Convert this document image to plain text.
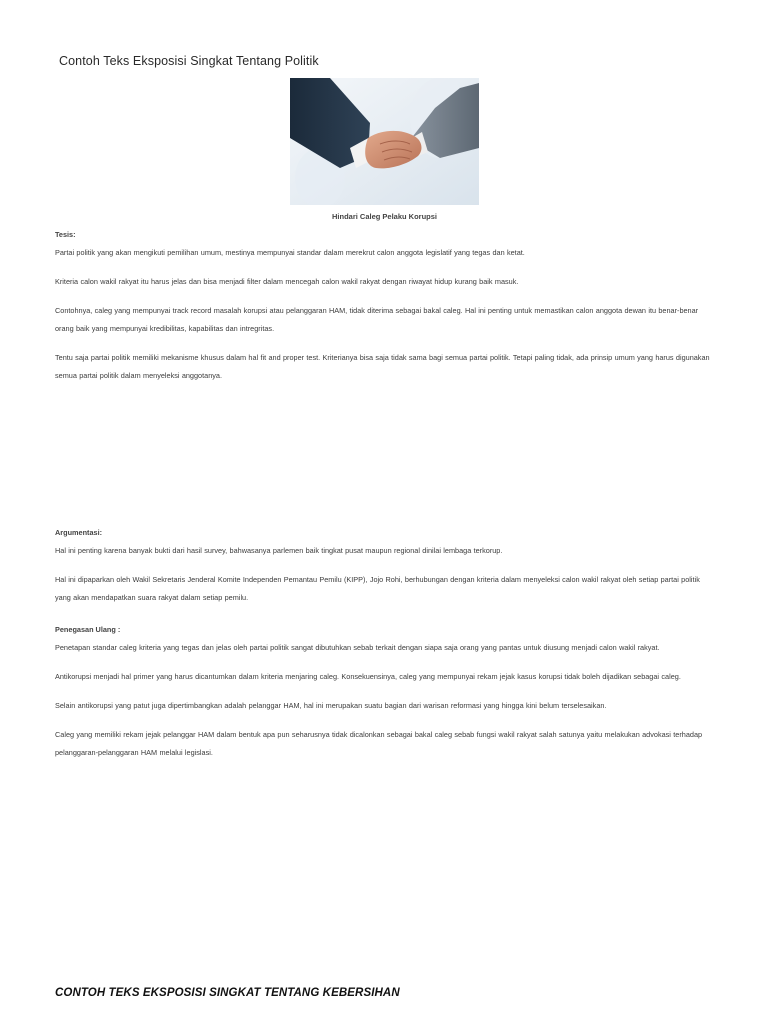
Contoh Teks Eksposisi Singkat Tentang Politik
Hindari Caleg Pelaku Korupsi

Tesis:

Partai politik yang akan mengikuti pemilihan umum, mestinya mempunyai standar dalam merekrut calon anggota legislatif yang tegas dan ketat.

Kriteria calon wakil rakyat itu harus jelas dan bisa menjadi filter dalam mencegah calon wakil rakyat dengan riwayat hidup kurang baik masuk.

Contohnya, caleg yang mempunyai track record masalah korupsi atau pelanggaran HAM, tidak diterima sebagai bakal caleg. Hal ini penting untuk memastikan calon anggota dewan itu benar-benar orang baik yang mempunyai kredibilitas, kapabilitas dan intregritas.

Tentu saja partai politik memiliki mekanisme khusus dalam hal fit and proper test. Kriterianya bisa saja tidak sama bagi semua partai politik. Tetapi paling tidak, ada prinsip umum yang harus digunakan semua partai politik dalam menyeleksi anggotanya.

Argumentasi:

Hal ini penting karena banyak bukti dari hasil survey, bahwasanya parlemen baik tingkat pusat maupun regional dinilai lembaga terkorup.

Hal ini dipaparkan oleh Wakil Sekretaris Jenderal Komite Independen Pemantau Pemilu (KIPP), Jojo Rohi, berhubungan dengan kriteria dalam menyeleksi calon wakil rakyat oleh setiap partai politik yang akan mendapatkan suara rakyat dalam setiap pemilu.

Penegasan Ulang :

Penetapan standar caleg kriteria yang tegas dan jelas oleh partai politik sangat dibutuhkan sebab terkait dengan siapa saja orang yang pantas untuk diusung menjadi calon wakil rakyat.

Antikorupsi menjadi hal primer yang harus dicantumkan dalam kriteria menjaring caleg. Konsekuensinya, caleg yang mempunyai rekam jejak kasus korupsi tidak boleh dijadikan sebagai caleg.

Selain antikorupsi yang patut juga dipertimbangkan adalah pelanggar HAM, hal ini merupakan suatu bagian dari warisan reformasi yang hingga kini belum terselesaikan.

Caleg yang memiliki rekam jejak pelanggar HAM dalam bentuk apa pun seharusnya tidak dicalonkan sebagai bakal caleg sebab fungsi wakil rakyat salah satunya yaitu melakukan advokasi terhadap pelanggaran-pelanggaran HAM melalui legislasi.

CONTOH TEKS EKSPOSISI SINGKAT TENTANG KEBERSIHAN
